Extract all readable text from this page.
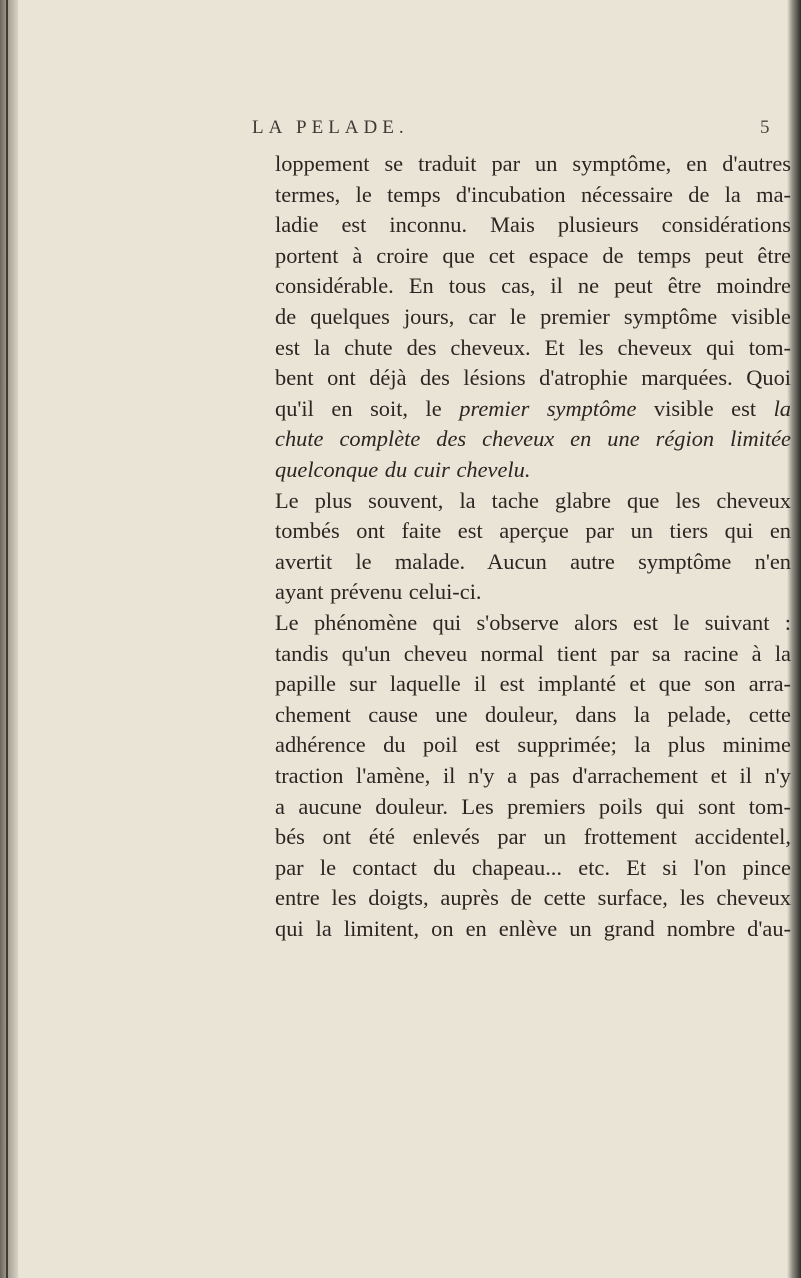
LA PELADE.	5
loppement se traduit par un symptôme, en d'autres
termes, le temps d'incubation nécessaire de la ma-
ladie est inconnu. Mais plusieurs considérations
portent à croire que cet espace de temps peut être
considérable. En tous cas, il ne peut être moindre
de quelques jours, car le premier symptôme visible
est la chute des cheveux. Et les cheveux qui tom-
bent ont déjà des lésions d'atrophie marquées. Quoi
qu'il en soit, le premier symptôme visible est la
chute complète des cheveux en une région limitée
quelconque du cuir chevelu.
Le plus souvent, la tache glabre que les cheveux
tombés ont faite est aperçue par un tiers qui en
avertit le malade. Aucun autre symptôme n'en
ayant prévenu celui-ci.
Le phénomène qui s'observe alors est le suivant :
tandis qu'un cheveu normal tient par sa racine à la
papille sur laquelle il est implanté et que son arra-
chement cause une douleur, dans la pelade, cette
adhérence du poil est supprimée; la plus minime
traction l'amène, il n'y a pas d'arrachement et il n'y
a aucune douleur. Les premiers poils qui sont tom-
bés ont été enlevés par un frottement accidentel,
par le contact du chapeau... etc. Et si l'on pince
entre les doigts, auprès de cette surface, les cheveux
qui la limitent, on en enlève un grand nombre d'au-
